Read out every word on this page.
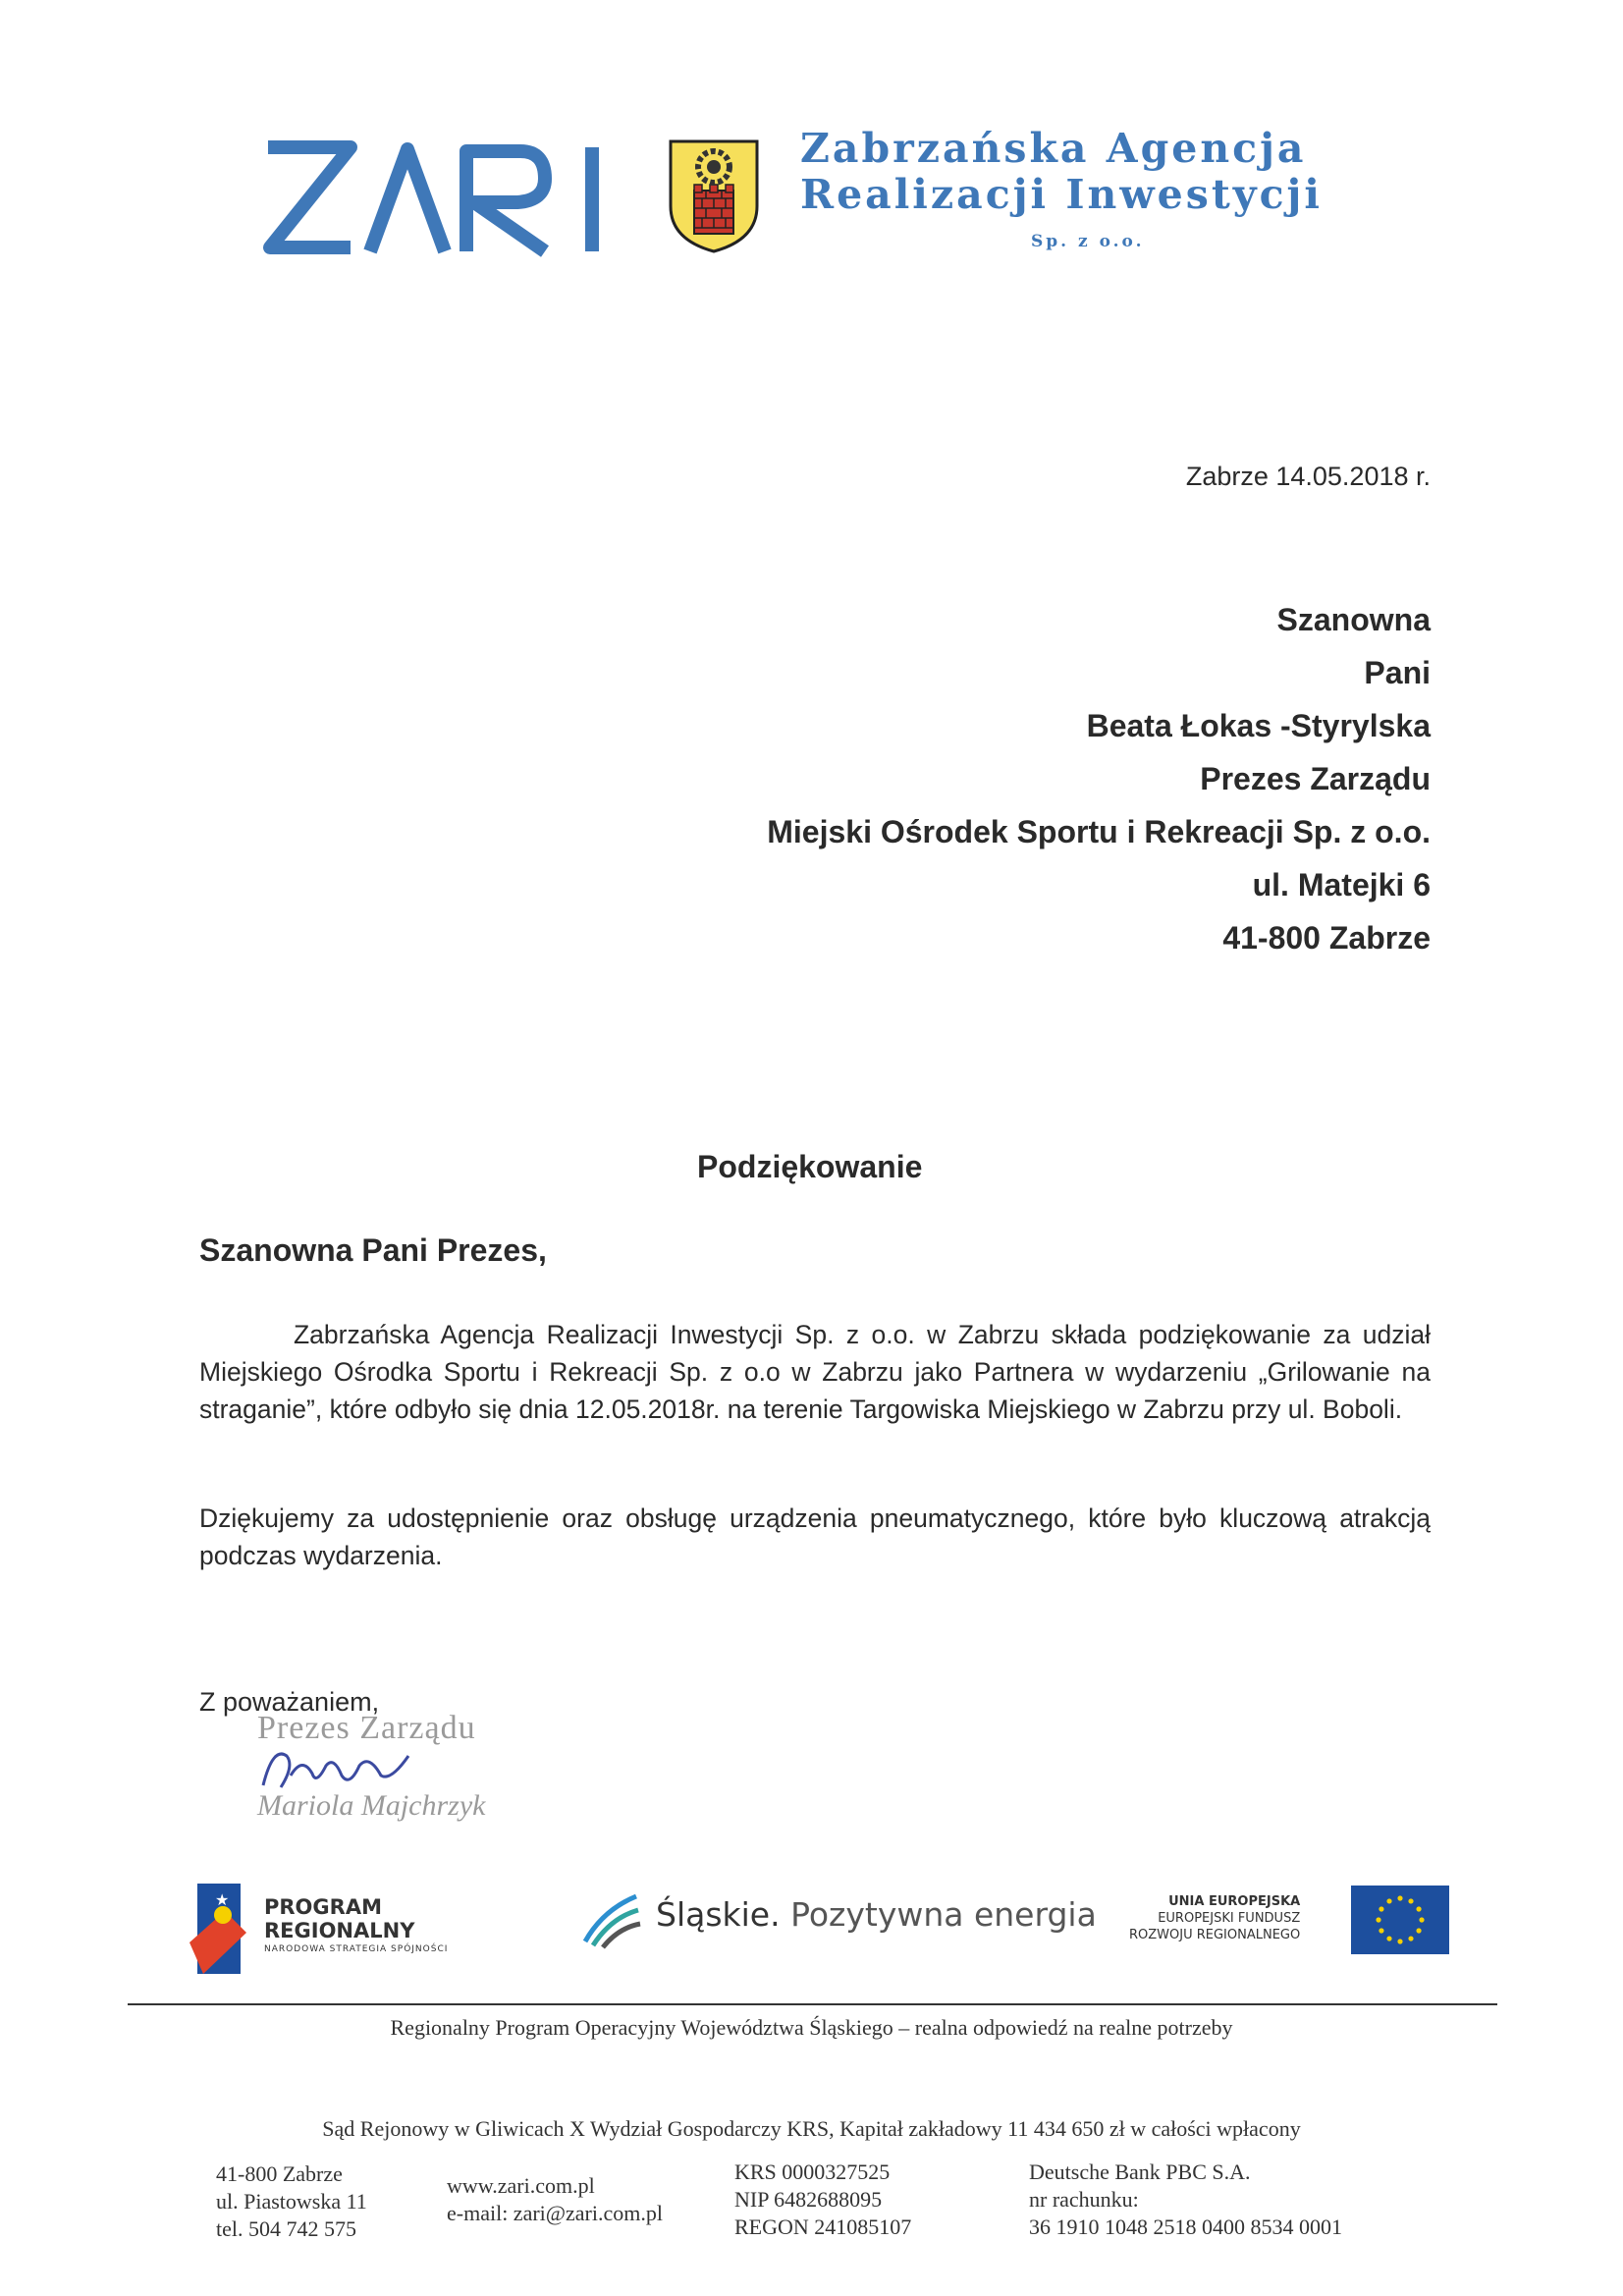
Zabrzańska Agencja
Realizacji Inwestycji
Sp. z o.o.
Zabrze 14.05.2018 r.
Szanowna
Pani
Beata Łokas -Styrylska
Prezes Zarządu
Miejski Ośrodek Sportu i Rekreacji Sp. z o.o.
ul. Matejki 6
41-800 Zabrze
Podziękowanie
Szanowna Pani Prezes,
Zabrzańska Agencja Realizacji Inwestycji Sp. z o.o. w Zabrzu składa podziękowanie za udział Miejskiego Ośrodka Sportu i Rekreacji Sp. z o.o w Zabrzu jako Partnera w wydarzeniu „Grilowanie na straganie”, które odbyło się dnia 12.05.2018r. na terenie Targowiska Miejskiego w Zabrzu przy ul. Boboli.
Dziękujemy za udostępnienie oraz obsługę urządzenia pneumatycznego, które było kluczową atrakcją podczas wydarzenia.
Z poważaniem,
Prezes Zarządu
Mariola Majchrzyk
★ PROGRAM
REGIONALNY
NARODOWA STRATEGIA SPÓJNOŚCI
Śląskie. Pozytywna energia	UNIA EUROPEJSKA
EUROPEJSKI FUNDUSZ
ROZWOJU REGIONALNEGO
Regionalny Program Operacyjny Województwa Śląskiego – realna odpowiedź na realne potrzeby
Sąd Rejonowy w Gliwicach X Wydział Gospodarczy KRS, Kapitał zakładowy 11 434 650 zł w całości wpłacony
41-800 Zabrze
ul. Piastowska 11
tel. 504 742 575
www.zari.com.pl
e-mail: zari@zari.com.pl
KRS 0000327525
NIP 6482688095
REGON 241085107
Deutsche Bank PBC S.A.
nr rachunku:
36 1910 1048 2518 0400 8534 0001
